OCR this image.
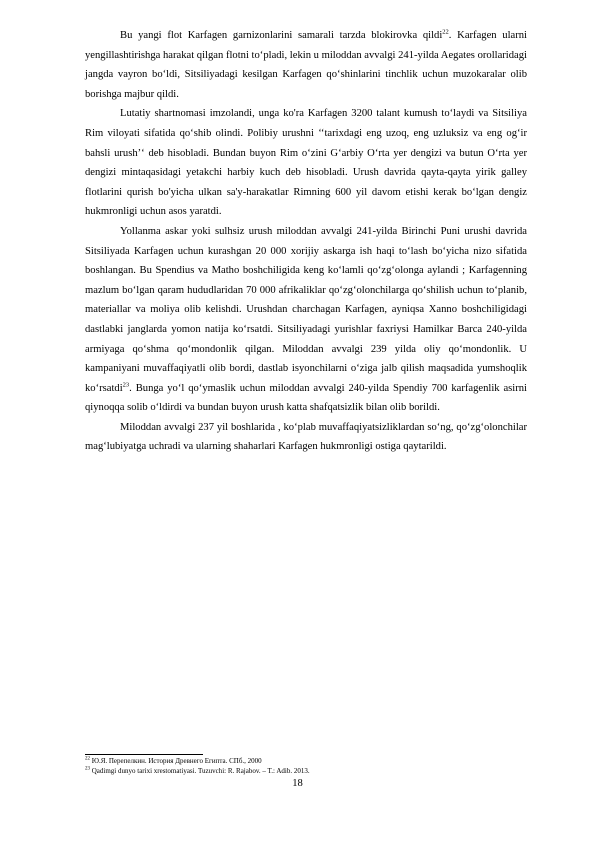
Bu yangi flot Karfagen garnizonlarini samarali tarzda blokirovka qildi$^{22}$. Karfagen ularni yengillashtirishga harakat qilgan flotni to‘pladi, lekin u miloddan avvalgi 241-yilda Aegates orollaridagi jangda vayron bo‘ldi, Sitsiliyadagi kesilgan Karfagen qo‘shinlarini tinchlik uchun muzokaralar olib borishga majbur qildi.

Lutatiy shartnomasi imzolandi, unga ko'ra Karfagen 3200 talant kumush to‘laydi va Sitsiliya Rim viloyati sifatida qo‘shib olindi. Polibiy urushni ‘‘tarixdagi eng uzoq, eng uzluksiz va eng og‘ir bahsli urush’‘ deb hisobladi. Bundan buyon Rim o‘zini G‘arbiy O‘rta yer dengizi va butun O‘rta yer dengizi mintaqasidagi yetakchi harbiy kuch deb hisobladi. Urush davrida qayta-qayta yirik galley flotlarini qurish bo'yicha ulkan sa'y-harakatlar Rimning 600 yil davom etishi kerak bo‘lgan dengiz hukmronligi uchun asos yaratdi.

Yollanma askar yoki sulhsiz urush miloddan avvalgi 241-yilda Birinchi Puni urushi davrida Sitsiliyada Karfagen uchun kurashgan 20 000 xorijiy askarga ish haqi to‘lash bo‘yicha nizo sifatida boshlangan. Bu Spendius va Matho boshchiligida keng ko‘lamli qo‘zg‘olonga aylandi ; Karfagenning mazlum bo‘lgan qaram hududlaridan 70 000 afrikaliklar qo‘zg‘olonchilarga qo‘shilish uchun to‘planib, materiallar va moliya olib kelishdi. Urushdan charchagan Karfagen, ayniqsa Xanno boshchiligidagi dastlabki janglarda yomon natija ko‘rsatdi. Sitsiliyadagi yurishlar faxriysi Hamilkar Barca 240-yilda armiyaga qo‘shma qo‘mondonlik qilgan. Miloddan avvalgi 239 yilda oliy qo‘mondonlik. U kampaniyani muvaffaqiyatli olib bordi, dastlab isyonchilarni o‘ziga jalb qilish maqsadida yumshoqlik ko‘rsatdi$^{23}$. Bunga yo‘l qo‘ymaslik uchun miloddan avvalgi 240-yilda Spendiy 700 karfagenlik asirni qiynoqqa solib o‘ldirdi va bundan buyon urush katta shafqatsizlik bilan olib borildi.

Miloddan avvalgi 237 yil boshlarida , ko‘plab muvaffaqiyatsizliklardan so‘ng, qo‘zg‘olonchilar mag‘lubiyatga uchradi va ularning shaharlari Karfagen hukmronligi ostiga qaytarildi.

$^{22}$ Ю.Я. Перепелкин. История Древнего Египта. СПб., 2000

$^{23}$ Qadimgi dunyo tarixi xrestomatiyasi. Tuzuvchi: R. Rajabov. – T.: Adib. 2013.

18
